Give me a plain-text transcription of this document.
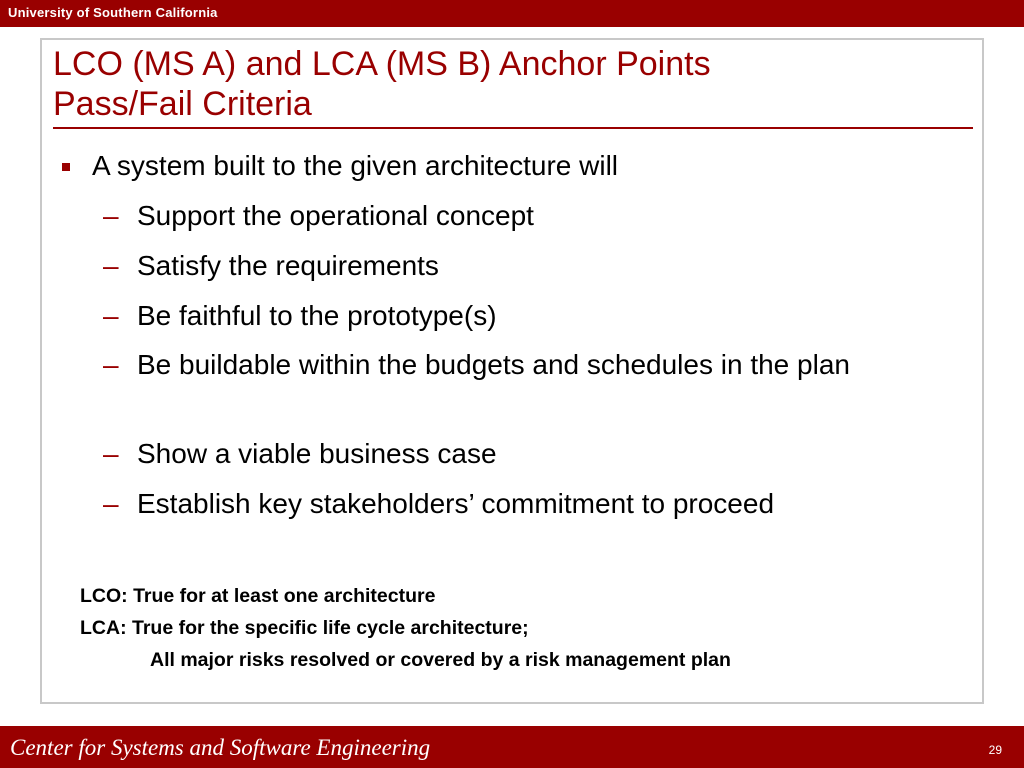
University of Southern California
LCO (MS A) and LCA (MS B) Anchor Points
Pass/Fail Criteria
A system built to the given architecture will
– Support the operational concept
– Satisfy the requirements
– Be faithful to the prototype(s)
– Be buildable within the budgets and schedules in the plan
– Show a viable business case
– Establish key stakeholders’ commitment to proceed
LCO: True for at least one architecture
LCA: True for the specific life cycle architecture;
All major risks resolved or covered by a risk management plan
Center for Systems and Software Engineering	29
